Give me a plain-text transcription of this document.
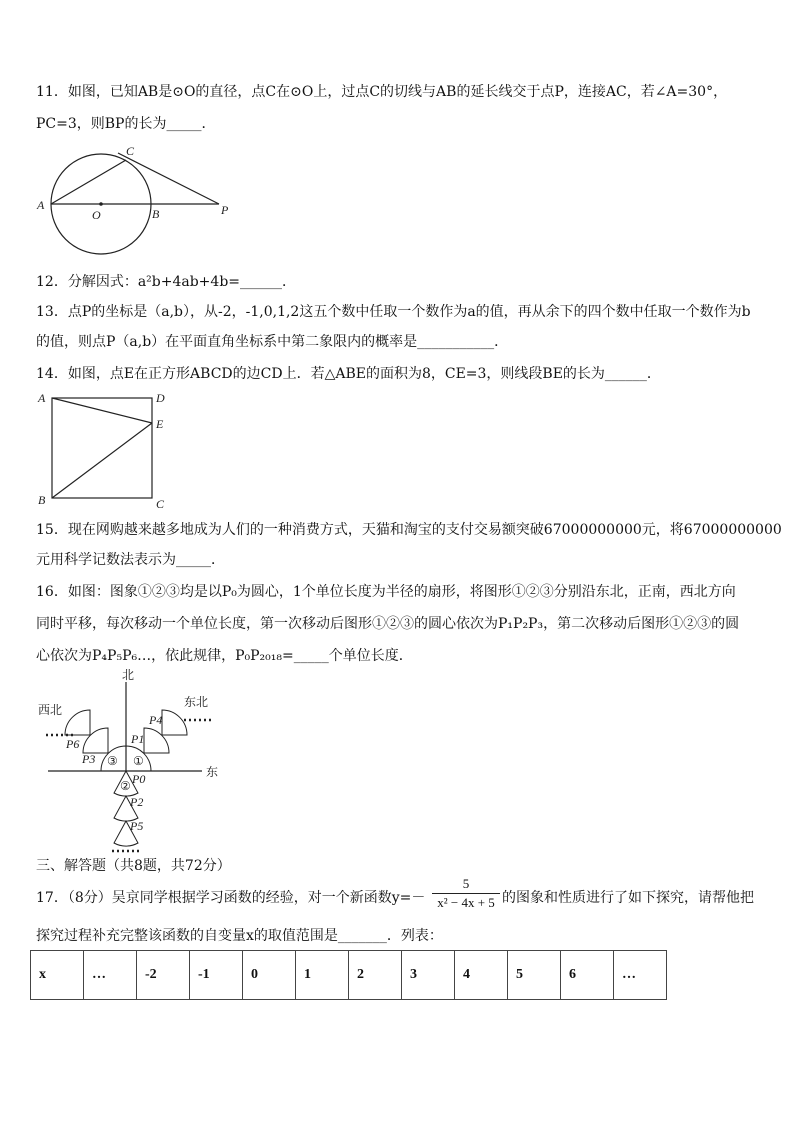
11．如图，已知AB是⊙O的直径，点C在⊙O上，过点C的切线与AB的延长线交于点P，连接AC，若∠A=30°，
PC=3，则BP的长为_____．
A
O	B	P
C
12．分解因式：a²b+4ab+4b=______．
13．点P的坐标是（a,b），从-2，-1,0,1,2这五个数中任取一个数作为a的值，再从余下的四个数中任取一个数作为b
的值，则点P（a,b）在平面直角坐标系中第二象限内的概率是___________．
14．如图，点E在正方形ABCD的边CD上．若△ABE的面积为8，CE=3，则线段BE的长为______．
A	D
E
B	C
15．现在网购越来越多地成为人们的一种消费方式，天猫和淘宝的支付交易额突破67000000000元，将67000000000
元用科学记数法表示为_____．
16．如图：图象①②③均是以P₀为圆心，1个单位长度为半径的扇形，将图形①②③分别沿东北，正南，西北方向
同时平移，每次移动一个单位长度，第一次移动后图形①②③的圆心依次为P₁P₂P₃，第二次移动后图形①②③的圆
心依次为P₄P₅P₆…，依此规律，P₀P₂₀₁₈=_____个单位长度．
北
东
西北
东北
P0
P1
P2
P3
P4
P5
P6
①
②
③
三、解答题（共8题，共72分）
17．（8分）吴京同学根据学习函数的经验，对一个新函数$y=- \frac{5}{\text{x² − 4x + 5}}$ 的图象和性质进行了如下探究，请帮他把
探究过程补充完整该函数的自变量x的取值范围是_______．列表：
x	…	-2	-1	0	1	2	3	4	5	6	…
